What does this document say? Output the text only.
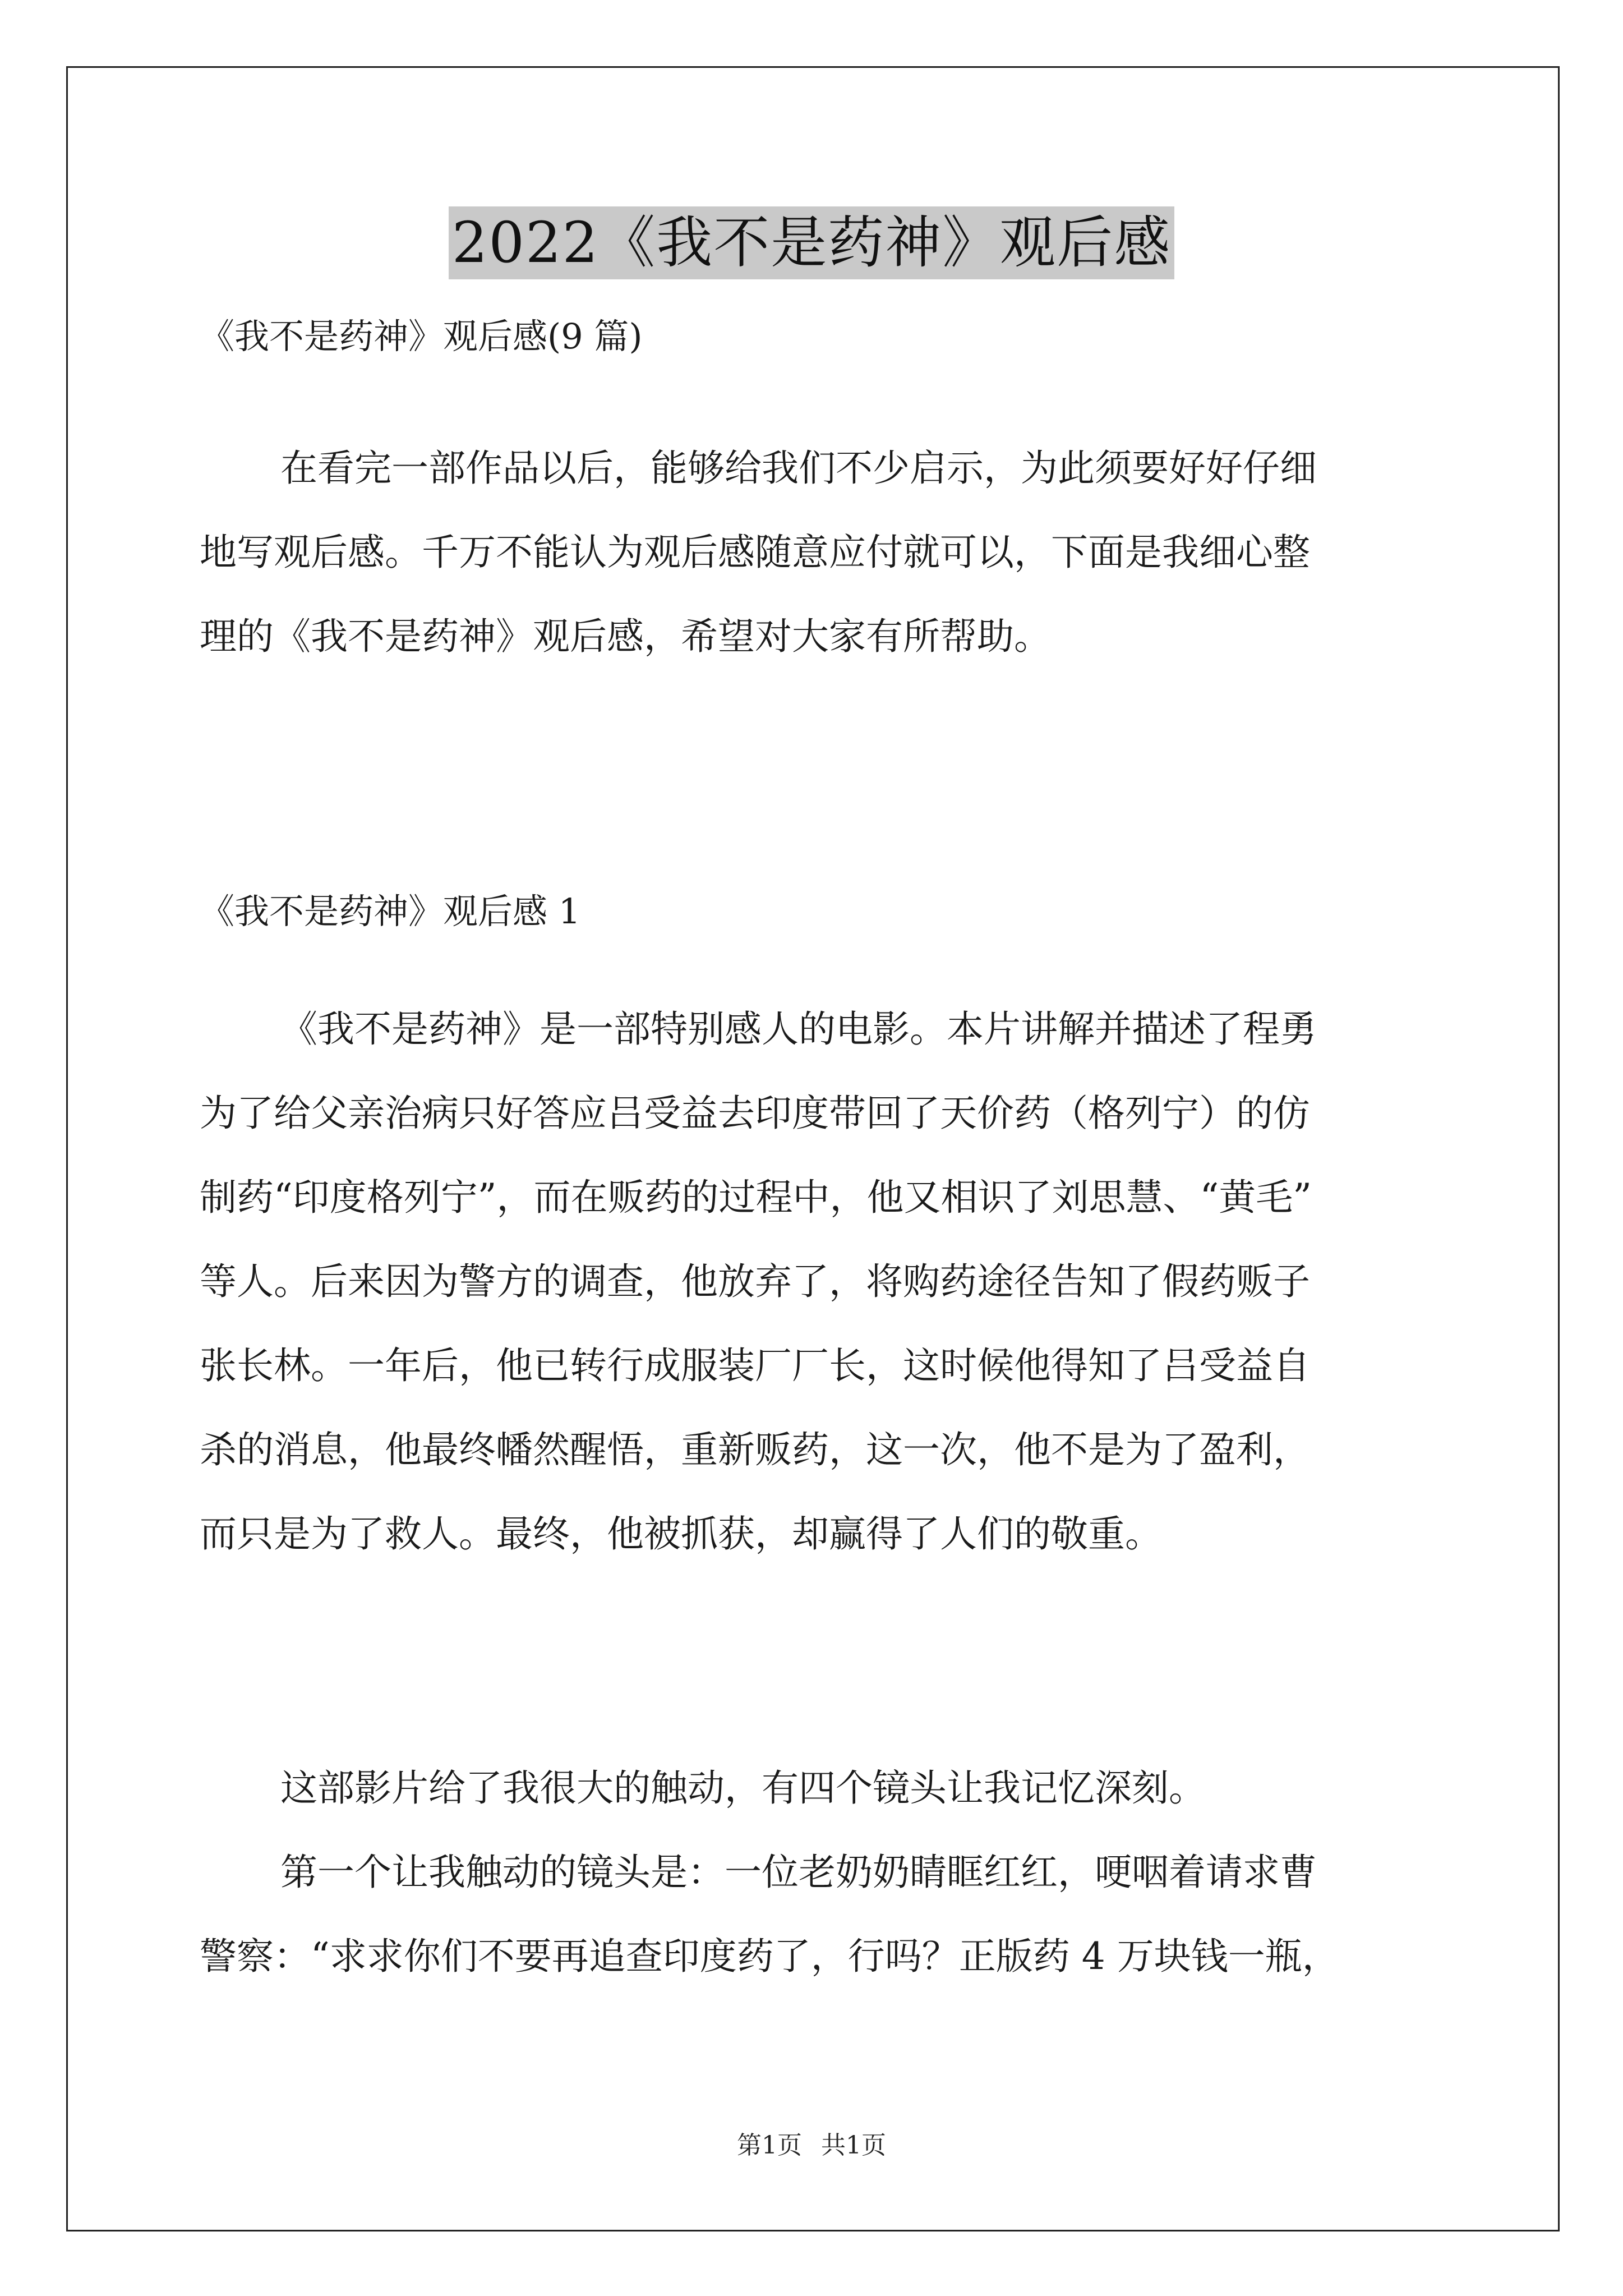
2022《我不是药神》观后感
《我不是药神》观后感(9 篇)
在看完一部作品以后，能够给我们不少启示，为此须要好好仔细
地写观后感。千万不能认为观后感随意应付就可以，下面是我细心整
理的《我不是药神》观后感，希望对大家有所帮助。
《我不是药神》观后感 1
《我不是药神》是一部特别感人的电影。本片讲解并描述了程勇
为了给父亲治病只好答应吕受益去印度带回了天价药（格列宁）的仿
制药“印度格列宁”，而在贩药的过程中，他又相识了刘思慧、“黄毛”
等人。后来因为警方的调查，他放弃了，将购药途径告知了假药贩子
张长林。一年后，他已转行成服装厂厂长，这时候他得知了吕受益自
杀的消息，他最终幡然醒悟，重新贩药，这一次，他不是为了盈利，
而只是为了救人。最终，他被抓获，却赢得了人们的敬重。
这部影片给了我很大的触动，有四个镜头让我记忆深刻。
第一个让我触动的镜头是：一位老奶奶睛眶红红，哽咽着请求曹
警察：“求求你们不要再追查印度药了，行吗？正版药 4 万块钱一瓶，
第1页 共1页
